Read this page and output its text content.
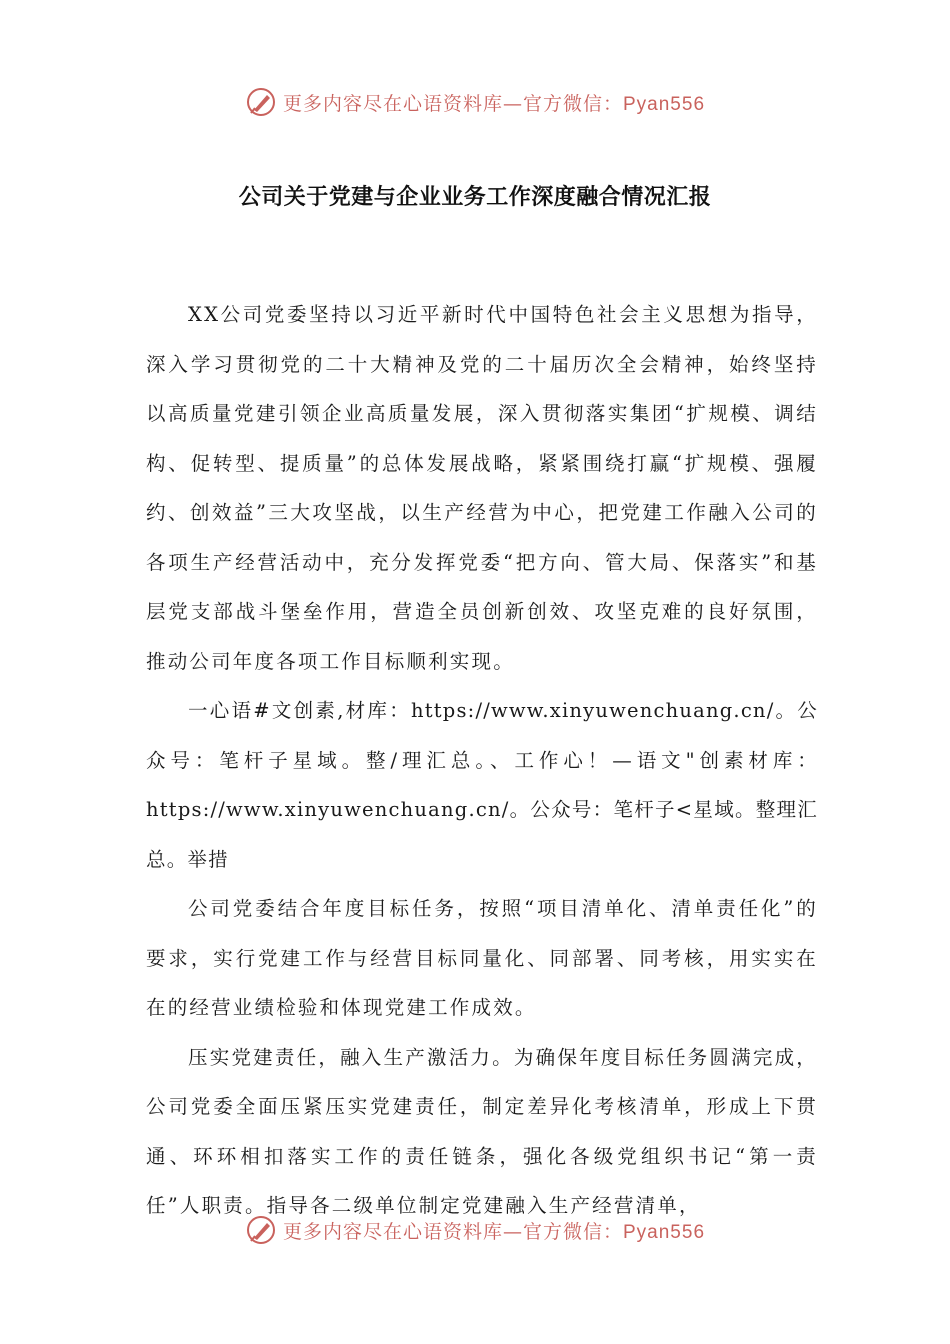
更多内容尽在心语资料库—官方微信：Pyan556
公司关于党建与企业业务工作深度融合情况汇报

XX公司党委坚持以习近平新时代中国特色社会主义思想为指导，深入学习贯彻党的二十大精神及党的二十届历次全会精神，始终坚持以高质量党建引领企业高质量发展，深入贯彻落实集团“扩规模、调结构、促转型、提质量”的总体发展战略，紧紧围绕打赢“扩规模、强履约、创效益”三大攻坚战，以生产经营为中心，把党建工作融入公司的各项生产经营活动中，充分发挥党委“把方向、管大局、保落实”和基层党支部战斗堡垒作用，营造全员创新创效、攻坚克难的良好氛围，推动公司年度各项工作目标顺利实现。

一心语#文创素,材库：https://www.xinyuwenchuang.cn/。公众号：笔杆子星域。整/理汇总。、工作心！—语文"创素材库：https://www.xinyuwenchuang.cn/。公众号：笔杆子<星域。整理汇总。举措

公司党委结合年度目标任务，按照“项目清单化、清单责任化”的要求，实行党建工作与经营目标同量化、同部署、同考核，用实实在在的经营业绩检验和体现党建工作成效。

压实党建责任，融入生产激活力。为确保年度目标任务圆满完成，公司党委全面压紧压实党建责任，制定差异化考核清单，形成上下贯通、环环相扣落实工作的责任链条，强化各级党组织书记“第一责任”人职责。指导各二级单位制定党建融入生产经营清单，

更多内容尽在心语资料库—官方微信：Pyan556
